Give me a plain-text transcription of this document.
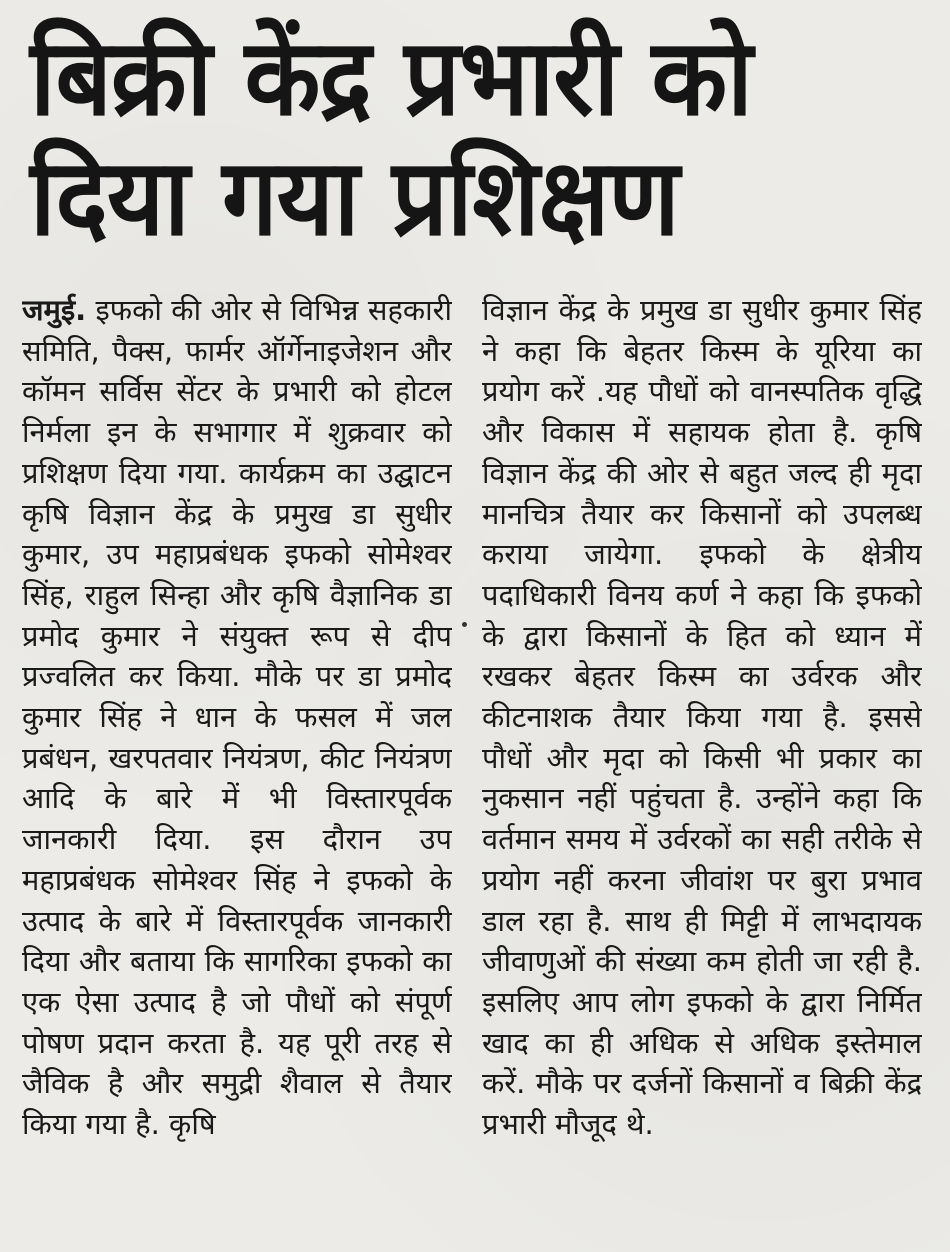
बिक्री केंद्र प्रभारी को
दिया गया प्रशिक्षण

जमुई. इफको की ओर से विभिन्न सहकारी समिति, पैक्स, फार्मर ऑर्गेनाइजेशन और कॉमन सर्विस सेंटर के प्रभारी को होटल निर्मला इन के सभागार में शुक्रवार को प्रशिक्षण दिया गया. कार्यक्रम का उद्घाटन कृषि विज्ञान केंद्र के प्रमुख डा सुधीर कुमार, उप महाप्रबंधक इफको सोमेश्वर सिंह, राहुल सिन्हा और कृषि वैज्ञानिक डा प्रमोद कुमार ने संयुक्त रूप से दीप प्रज्वलित कर किया. मौके पर डा प्रमोद कुमार सिंह ने धान के फसल में जल प्रबंधन, खरपतवार नियंत्रण, कीट नियंत्रण आदि के बारे में भी विस्तारपूर्वक जानकारी दिया. इस दौरान उप महाप्रबंधक सोमेश्वर सिंह ने इफको के उत्पाद के बारे में विस्तारपूर्वक जानकारी दिया और बताया कि सागरिका इफको का एक ऐसा उत्पाद है जो पौधों को संपूर्ण पोषण प्रदान करता है. यह पूरी तरह से जैविक है और समुद्री शैवाल से तैयार किया गया है. कृषि

विज्ञान केंद्र के प्रमुख डा सुधीर कुमार सिंह ने कहा कि बेहतर किस्म के यूरिया का प्रयोग करें .यह पौधों को वानस्पतिक वृद्धि और विकास में सहायक होता है. कृषि विज्ञान केंद्र की ओर से बहुत जल्द ही मृदा मानचित्र तैयार कर किसानों को उपलब्ध कराया जायेगा. इफको के क्षेत्रीय पदाधिकारी विनय कर्ण ने कहा कि इफको के द्वारा किसानों के हित को ध्यान में रखकर बेहतर किस्म का उर्वरक और कीटनाशक तैयार किया गया है. इससे पौधों और मृदा को किसी भी प्रकार का नुकसान नहीं पहुंचता है. उन्होंने कहा कि वर्तमान समय में उर्वरकों का सही तरीके से प्रयोग नहीं करना जीवांश पर बुरा प्रभाव डाल रहा है. साथ ही मिट्टी में लाभदायक जीवाणुओं की संख्या कम होती जा रही है. इसलिए आप लोग इफको के द्वारा निर्मित खाद का ही अधिक से अधिक इस्तेमाल करें. मौके पर दर्जनों किसानों व बिक्री केंद्र प्रभारी मौजूद थे.
